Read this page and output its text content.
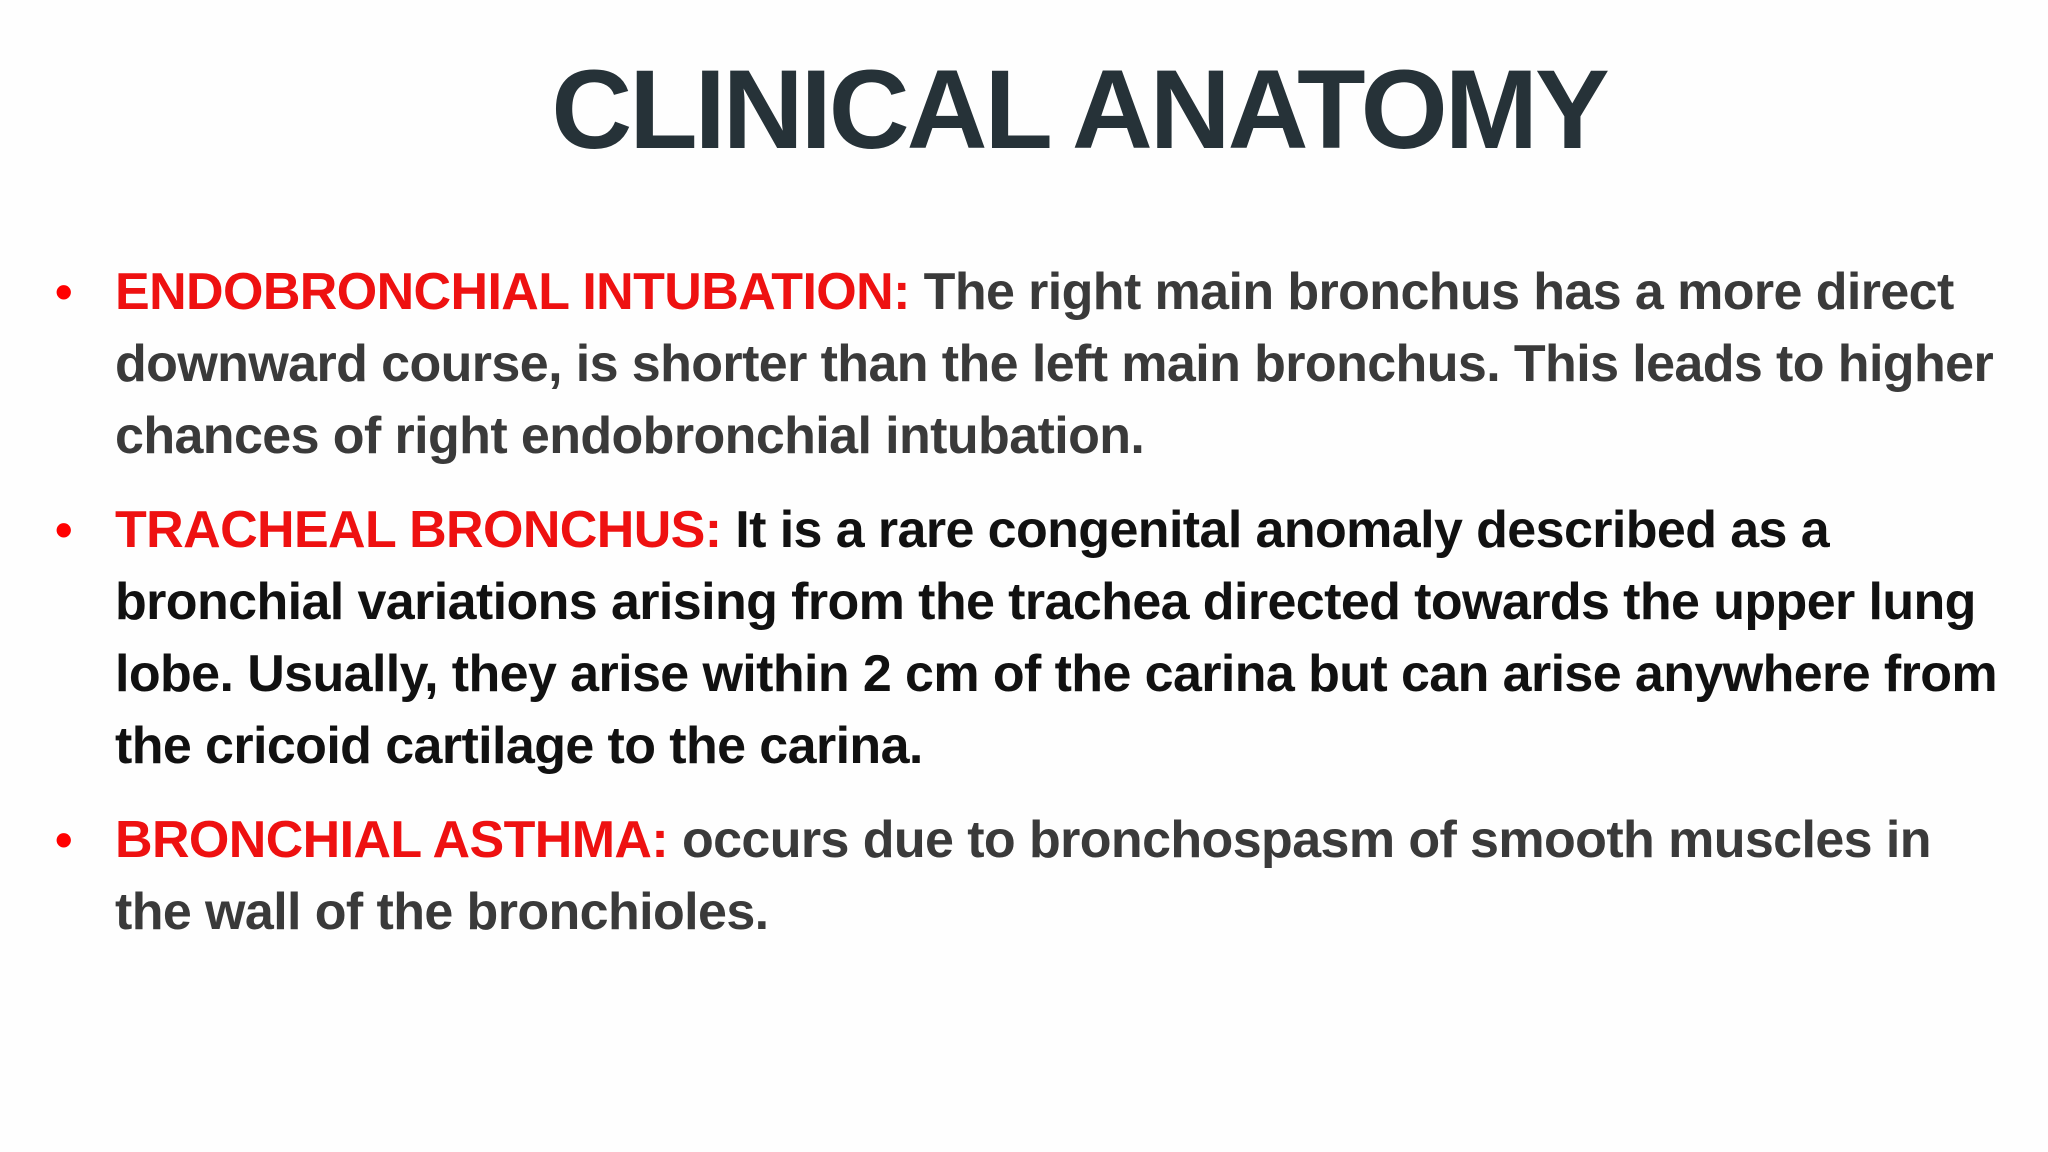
CLINICAL ANATOMY
• ENDOBRONCHIAL INTUBATION: The right main bronchus has a more direct downward course, is shorter than the left main bronchus. This leads to higher chances of right endobronchial intubation.
• TRACHEAL BRONCHUS: It is a rare congenital anomaly described as a bronchial variations arising from the trachea directed towards the upper lung lobe. Usually, they arise within 2 cm of the carina but can arise anywhere from the cricoid cartilage to the carina.
• BRONCHIAL ASTHMA: occurs due to bronchospasm of smooth muscles in the wall of the bronchioles.
